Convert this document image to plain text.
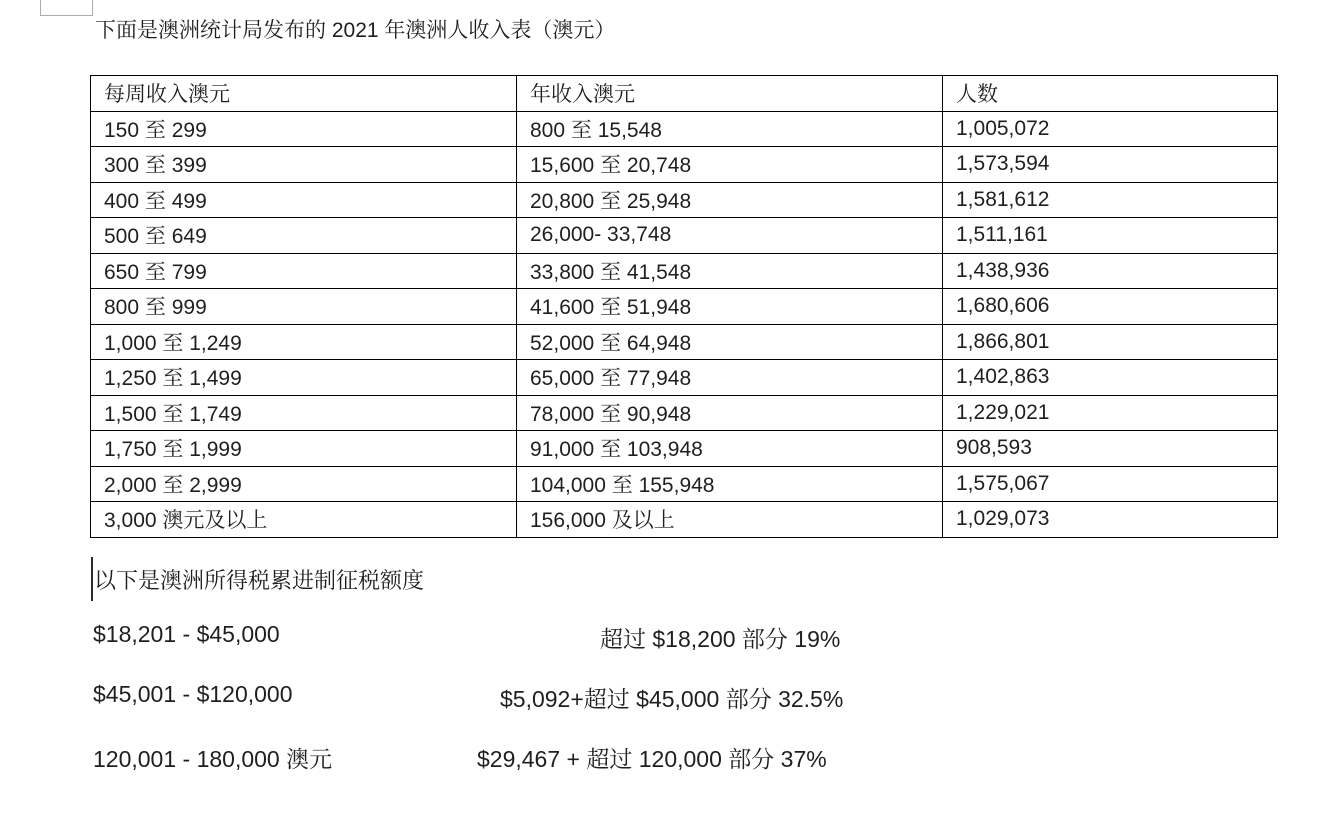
下面是澳洲统计局发布的 2021 年澳洲人收入表（澳元）
每周收入澳元	年收入澳元	人数
150 至 299	800 至 15,548	1,005,072
300 至 399	15,600 至 20,748	1,573,594
400 至 499	20,800 至 25,948	1,581,612
500 至 649	26,000- 33,748	1,511,161
650 至 799	33,800 至 41,548	1,438,936
800 至 999	41,600 至 51,948	1,680,606
1,000 至 1,249	52,000 至 64,948	1,866,801
1,250 至 1,499	65,000 至 77,948	1,402,863
1,500 至 1,749	78,000 至 90,948	1,229,021
1,750 至 1,999	91,000 至 103,948	908,593
2,000 至 2,999	104,000 至 155,948	1,575,067
3,000 澳元及以上	156,000 及以上	1,029,073
以下是澳洲所得税累进制征税额度
$18,201 - $45,000	超过 $18,200 部分 19%
$45,001 - $120,000	$5,092+超过 $45,000 部分 32.5%
120,001 - 180,000 澳元	$29,467 + 超过 120,000 部分 37%
